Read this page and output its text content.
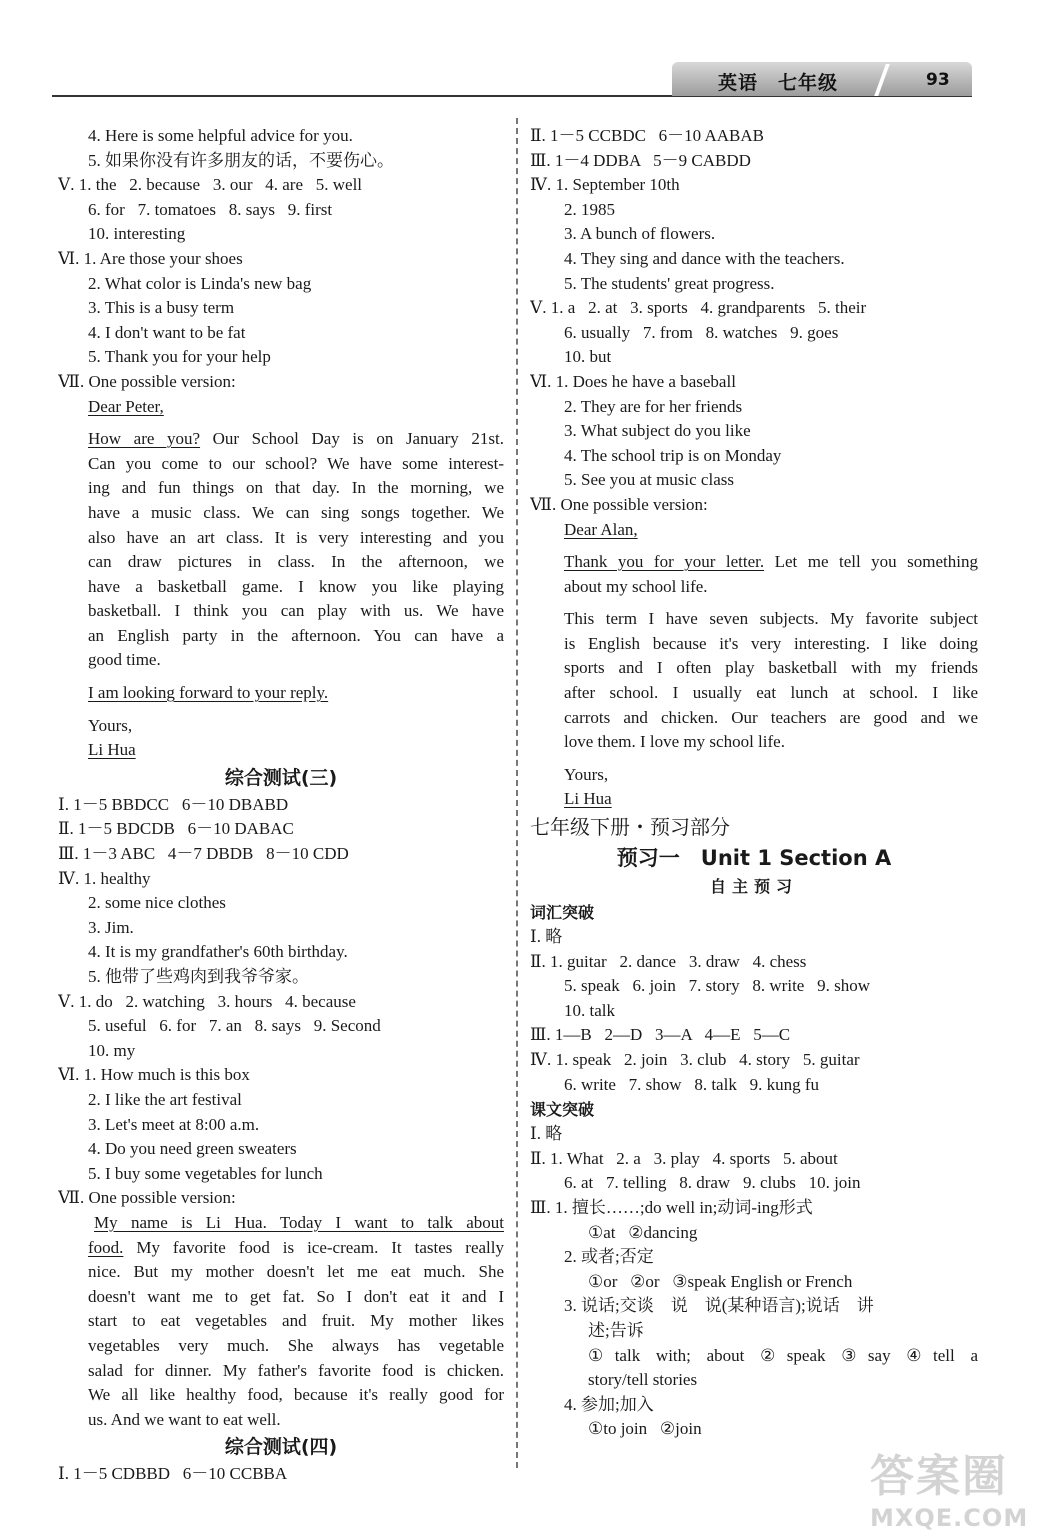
英语　七年级	93
4. Here is some helpful advice for you.
5. 如果你没有许多朋友的话，不要伤心。
Ⅴ. 1. the   2. because   3. our   4. are   5. well
6. for   7. tomatoes   8. says   9. first
10. interesting
Ⅵ. 1. Are those your shoes
2. What color is Linda's new bag
3. This is a busy term
4. I don't want to be fat
5. Thank you for your help
Ⅶ. One possible version:
Dear Peter,
How are you? Our School Day is on January 21st.
Can you come to our school? We have some interest-
ing and fun things on that day. In the morning, we
have a music class. We can sing songs together. We
also have an art class. It is very interesting and you
can draw pictures in class. In the afternoon, we
have a basketball game. I know you like playing
basketball. I think you can play with us. We have
an English party in the afternoon. You can have a
good time.
I am looking forward to your reply.
Yours,
Li Hua
综合测试(三)
Ⅰ. 1－5 BBDCC   6－10 DBABD
Ⅱ. 1－5 BDCDB   6－10 DABAC
Ⅲ. 1－3 ABC   4－7 DBDB   8－10 CDD
Ⅳ. 1. healthy
2. some nice clothes
3. Jim.
4. It is my grandfather's 60th birthday.
5. 他带了些鸡肉到我爷爷家。
Ⅴ. 1. do   2. watching   3. hours   4. because
5. useful   6. for   7. an   8. says   9. Second
10. my
Ⅵ. 1. How much is this box
2. I like the art festival
3. Let's meet at 8:00 a.m.
4. Do you need green sweaters
5. I buy some vegetables for lunch
Ⅶ. One possible version:
My name is Li Hua. Today I want to talk about
food. My favorite food is ice-cream. It tastes really
nice. But my mother doesn't let me eat much. She
doesn't want me to get fat. So I don't eat it and I
start to eat vegetables and fruit. My mother likes
vegetables very much. She always has vegetable
salad for dinner. My father's favorite food is chicken.
We all like healthy food, because it's really good for
us. And we want to eat well.
综合测试(四)
Ⅰ. 1－5 CDBBD   6－10 CCBBA
Ⅱ. 1－5 CCBDC   6－10 AABAB
Ⅲ. 1－4 DDBA   5－9 CABDD
Ⅳ. 1. September 10th
2. 1985
3. A bunch of flowers.
4. They sing and dance with the teachers.
5. The students' great progress.
Ⅴ. 1. a   2. at   3. sports   4. grandparents   5. their
6. usually   7. from   8. watches   9. goes
10. but
Ⅵ. 1. Does he have a baseball
2. They are for her friends
3. What subject do you like
4. The school trip is on Monday
5. See you at music class
Ⅶ. One possible version:
Dear Alan,
Thank you for your letter. Let me tell you something
about my school life.
This term I have seven subjects. My favorite subject
is English because it's very interesting. I like doing
sports and I often play basketball with my friends
after school. I usually eat lunch at school. I like
carrots and chicken. Our teachers are good and we
love them. I love my school life.
Yours,
Li Hua
七年级下册・预习部分
预习一　Unit 1 Section A
自主预习
词汇突破
Ⅰ. 略
Ⅱ. 1. guitar   2. dance   3. draw   4. chess
5. speak   6. join   7. story   8. write   9. show
10. talk
Ⅲ. 1—B   2—D   3—A   4—E   5—C
Ⅳ. 1. speak   2. join   3. club   4. story   5. guitar
6. write   7. show   8. talk   9. kung fu
课文突破
Ⅰ. 略
Ⅱ. 1. What   2. a   3. play   4. sports   5. about
6. at   7. telling   8. draw   9. clubs   10. join
Ⅲ. 1. 擅长……;do well in;动词-ing形式
①at   ②dancing
2. 或者;否定
①or   ②or   ③speak English or French
3. 说话;交谈　说　说(某种语言);说话　讲
述;告诉
①talk with; about ②speak ③say ④tell a
story/tell stories
4. 参加;加入
①to join   ②join
答案圈
MXQE.COM
